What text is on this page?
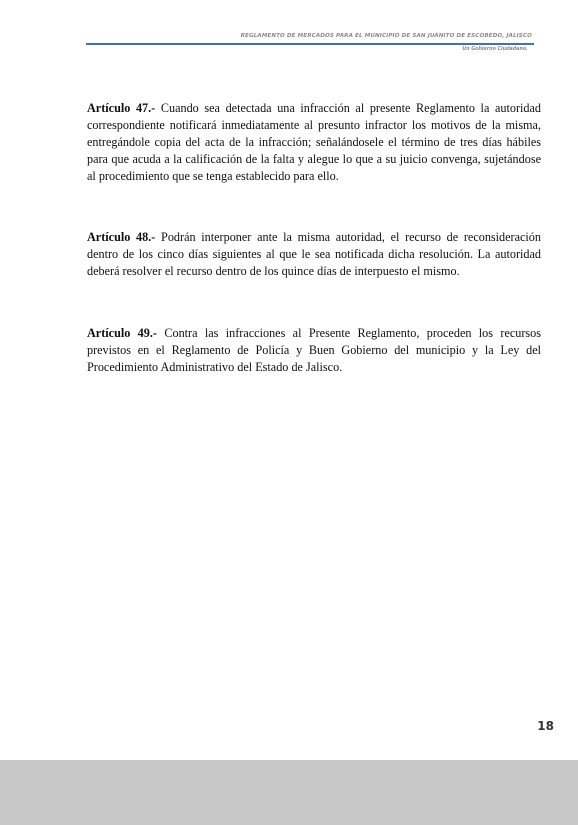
REGLAMENTO DE MERCADOS PARA EL MUNICIPIO DE SAN JUANITO DE ESCOBEDO, JALISCO
Un Gobierno Ciudadano.

Artículo 47.- Cuando sea detectada una infracción al presente Reglamento la autoridad correspondiente notificará inmediatamente al presunto infractor los motivos de la misma, entregándole copia del acta de la infracción; señalándosele el término de tres días hábiles para que acuda a la calificación de la falta y alegue lo que a su juicio convenga, sujetándose al procedimiento que se tenga establecido para ello.

Artículo 48.- Podrán interponer ante la misma autoridad, el recurso de reconsideración dentro de los cinco días siguientes al que le sea notificada dicha resolución. La autoridad deberá resolver el recurso dentro de los quince días de interpuesto el mismo.

Artículo 49.- Contra las infracciones al Presente Reglamento, proceden los recursos previstos en el Reglamento de Policía y Buen Gobierno del municipio y la Ley del Procedimiento Administrativo del Estado de Jalisco.

18
